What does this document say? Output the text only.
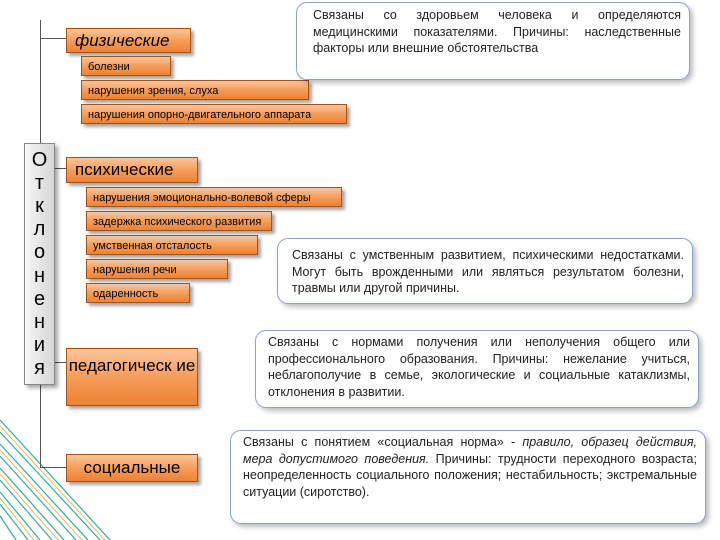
О
т
к
л
о
н
е
н
и
я
физические
болезни
нарушения зрения, слуха
нарушения опорно-двигательного аппарата
Связаны со здоровьем человека и определяются медицинскими показателями. Причины: наследственные факторы или внешние обстоятельства
психические
нарушения эмоционально-волевой сферы
задержка психического развития
умственная отсталость
нарушения речи
одаренность
Связаны с умственным развитием, психическими недостатками. Могут быть врожденными или являться результатом болезни, травмы или другой причины.
педагогическ ие
Связаны с нормами получения или неполучения общего или профессионального образования. Причины: нежелание учиться, неблагополучие в семье, экологические и социальные катаклизмы, отклонения в развитии.
социальные
Связаны с понятием «социальная норма» - правило, образец действия, мера допустимого поведения. Причины: трудности переходного возраста; неопределенность социального положения; нестабильность; экстремальные ситуации (сиротство).
